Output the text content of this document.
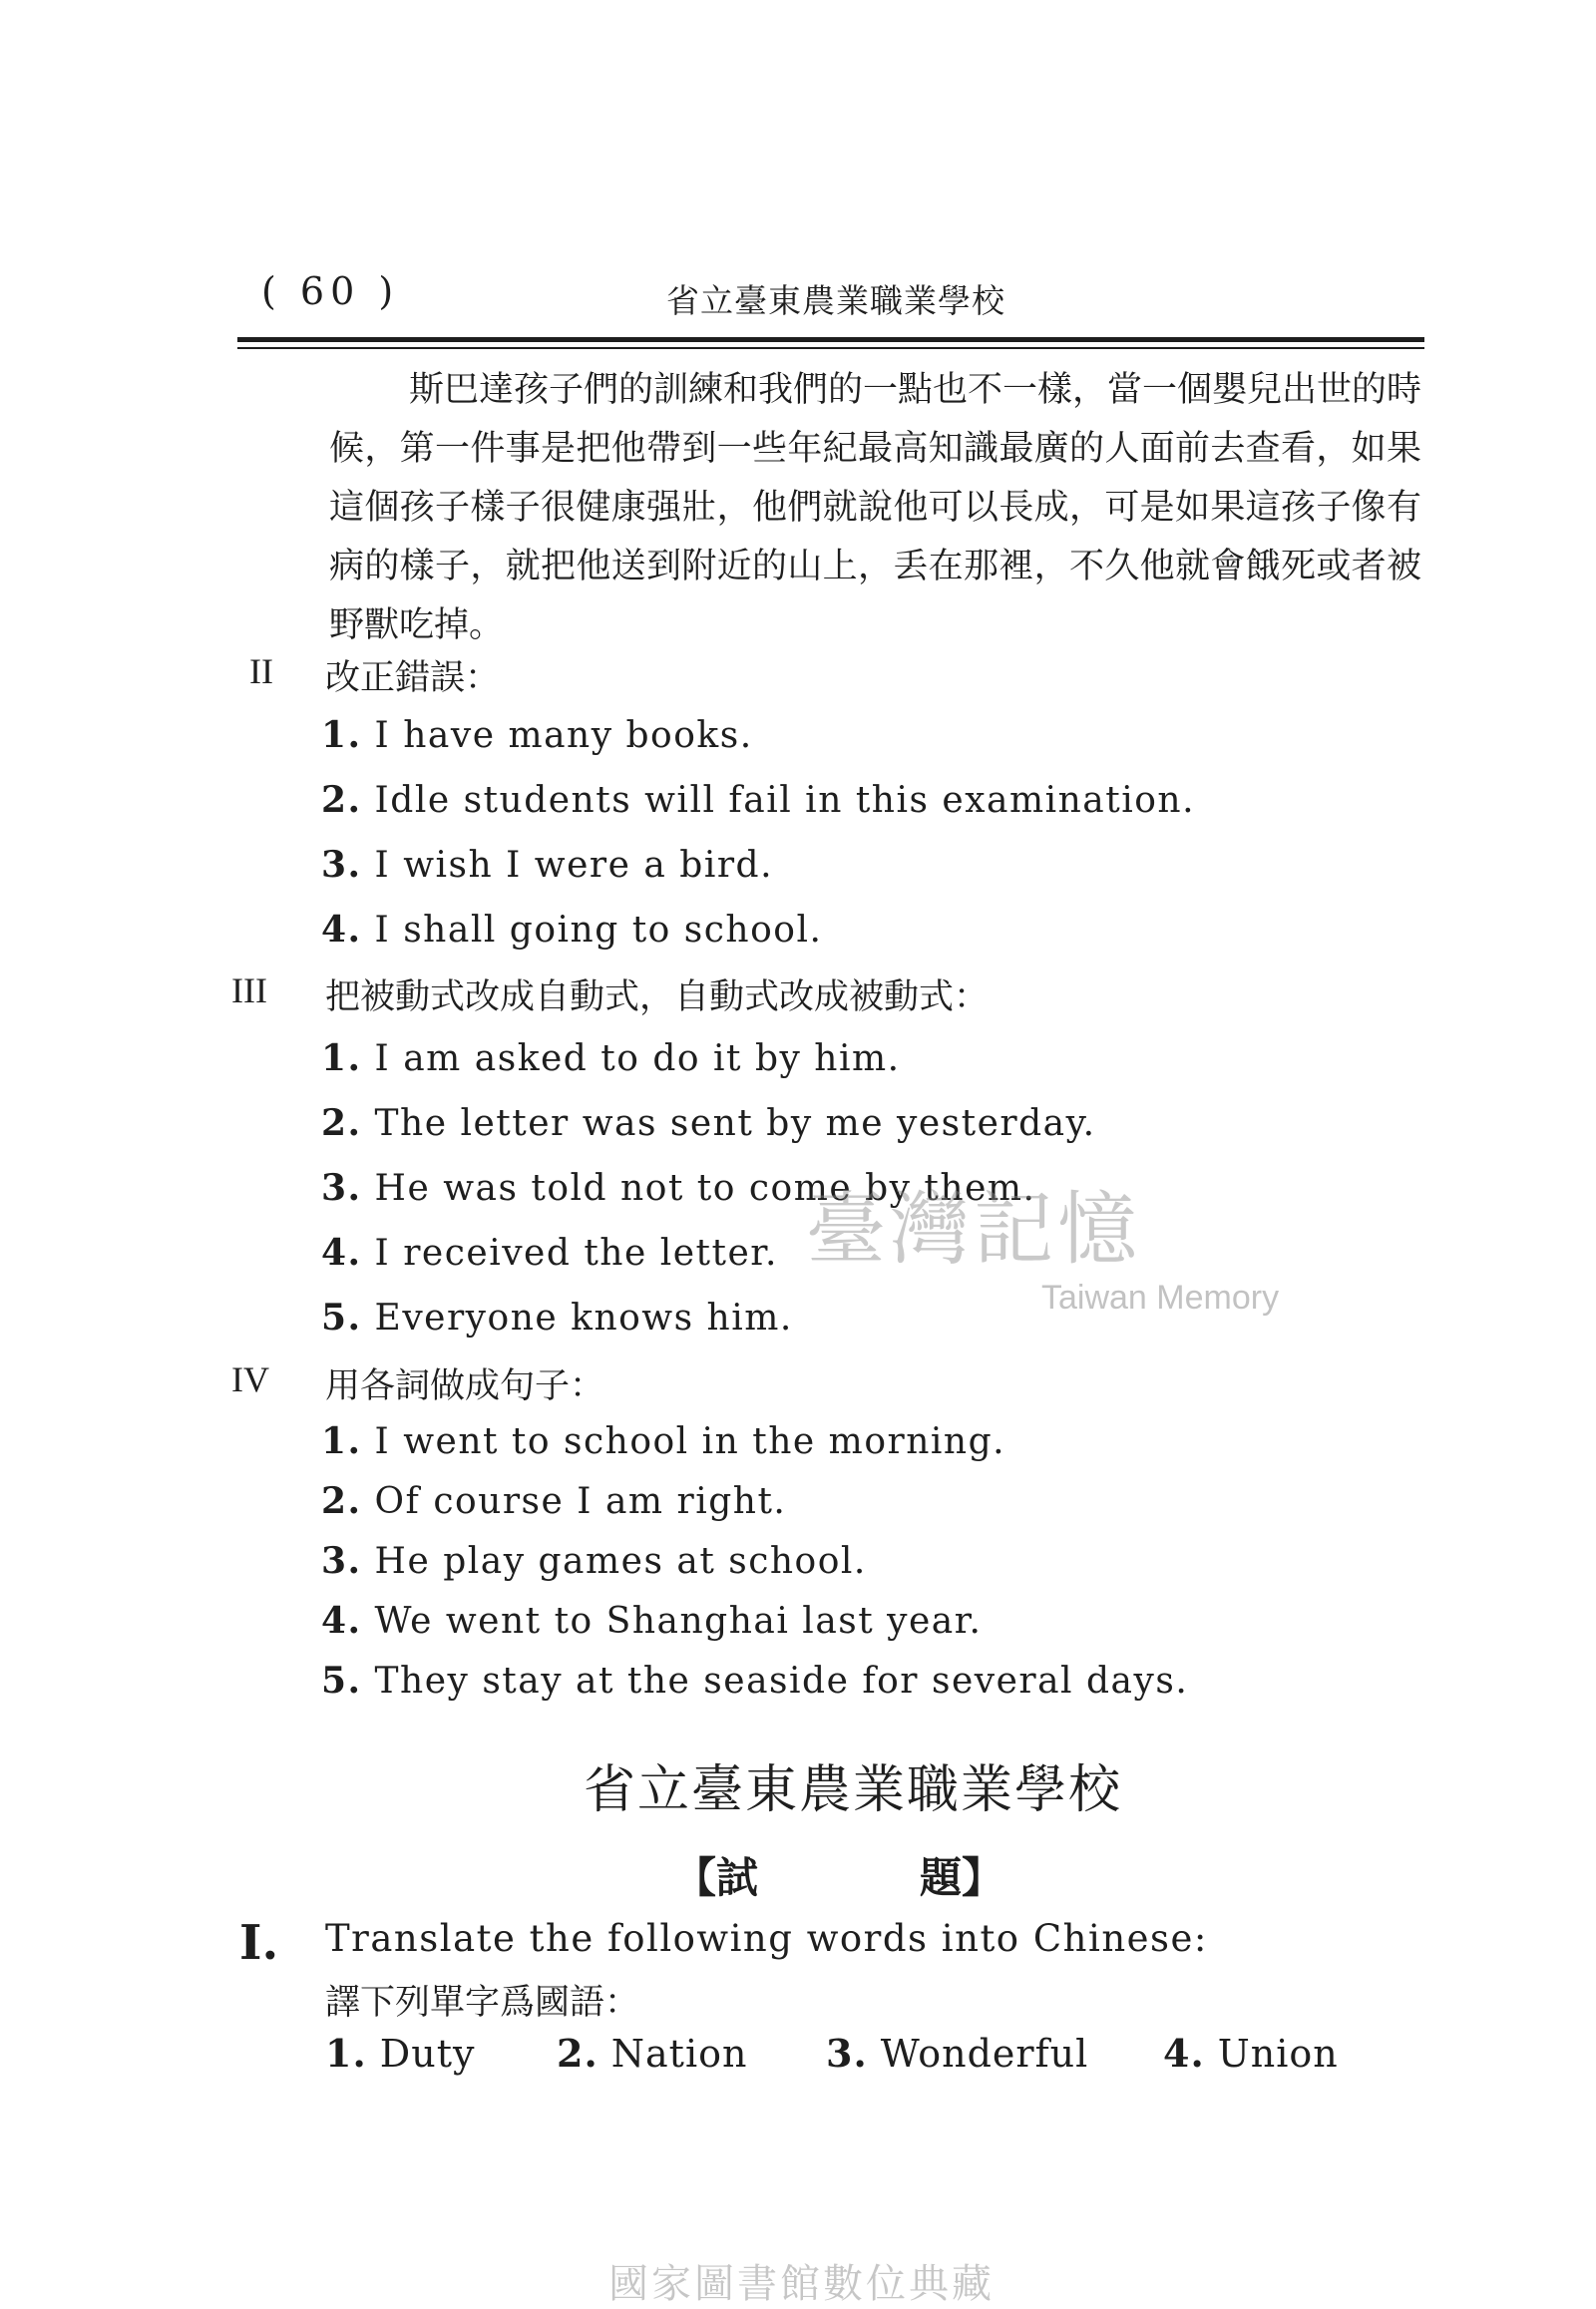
( 60 )	省立臺東農業職業學校

斯巴達孩子們的訓練和我們的一點也不一樣，當一個嬰兒出世的時候，第一件事是把他帶到一些年紀最高知識最廣的人面前去查看，如果這個孩子樣子很健康强壯，他們就說他可以長成，可是如果這孩子像有病的樣子，就把他送到附近的山上，丢在那裡，不久他就會餓死或者被野獸吃掉。

II 改正錯誤：
1. I have many books.
2. Idle students will fail in this examination.
3. I wish I were a bird.
4. I shall going to school.
III 把被動式改成自動式，自動式改成被動式：
1. I am asked to do it by him.
2. The letter was sent by me yesterday.
3. He was told not to come by them.
4. I received the letter.
5. Everyone knows him.
IV 用各詞做成句子：
1. I went to school in the morning.
2. Of course I am right.
3. He play games at school.
4. We went to Shanghai last year.
5. They stay at the seaside for several days.
省立臺東農業職業學校
【試	題】
I. Translate the following words into Chinese:
譯下列單字爲國語：
1. Duty 2. Nation 3. Wonderful 4. Union
臺灣記憶
Taiwan Memory
國家圖書館數位典藏
